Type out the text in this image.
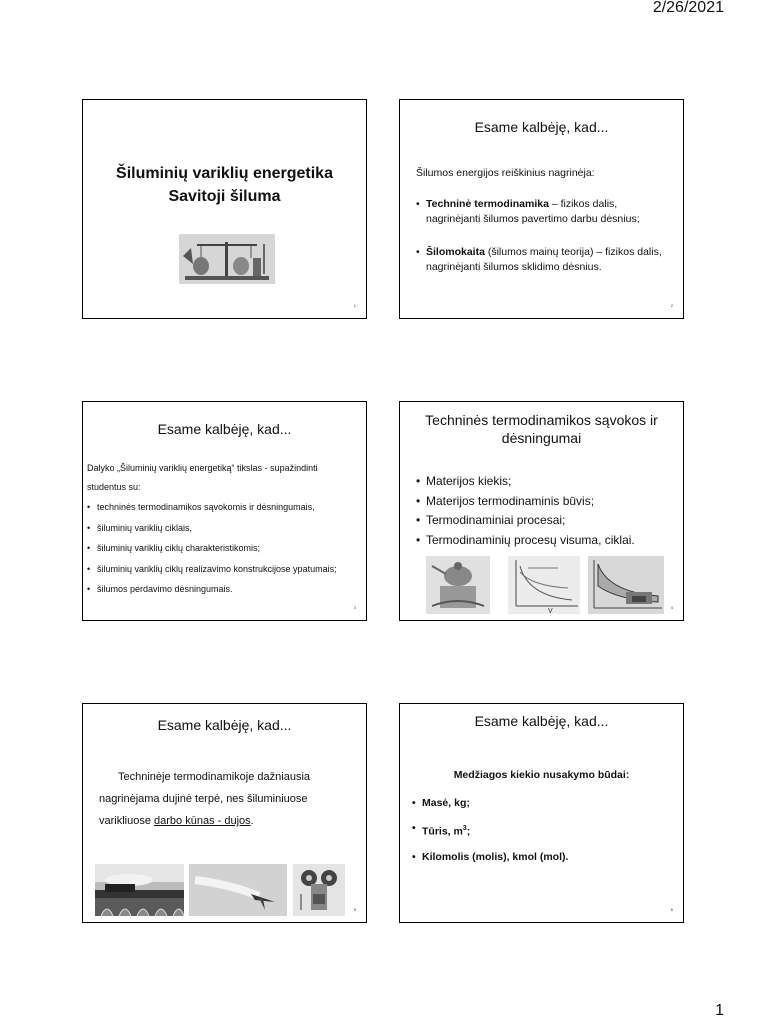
2/26/2021
Šiluminių variklių energetika
Savitoji šiluma
1
Esame kalbėję, kad...
Šilumos energijos reiškinius nagrinėja:
• Techninė termodinamika – fizikos dalis, nagrinėjanti šilumos pavertimo darbu dėsnius;
• Šilomokaita (šilumos mainų teorija) – fizikos dalis, nagrinėjanti šilumos sklidimo dėsnius.
2
Esame kalbėję, kad...
Dalyko „Šiluminių variklių energetiką“ tikslas - supažindinti studentus su:
• techninės termodinamikos sąvokomis ir dėsningumais,
• šiluminių variklių ciklais,
• šiluminių variklių ciklų charakteristikomis;
• šiluminių variklių ciklų realizavimo konstrukcijose ypatumais;
• šilumos perdavimo dėsningumais.
3
Techninės termodinamikos sąvokos ir dėsningumai
• Materijos kiekis;
• Materijos termodinaminis būvis;
• Termodinaminiai procesai;
• Termodinaminių procesų visuma, ciklai.
V
4
Esame kalbėję, kad...
Techninėje termodinamikoje dažniausia nagrinėjama dujinė terpė, nes šiluminiuose varikliuose darbo kūnas - dujos.
5
Esame kalbėję, kad...
Medžiagos kiekio nusakymo būdai:
• Masė, kg;
• Tūris, $m^3$;
• Kilomolis (molis), kmol (mol).
6
1
